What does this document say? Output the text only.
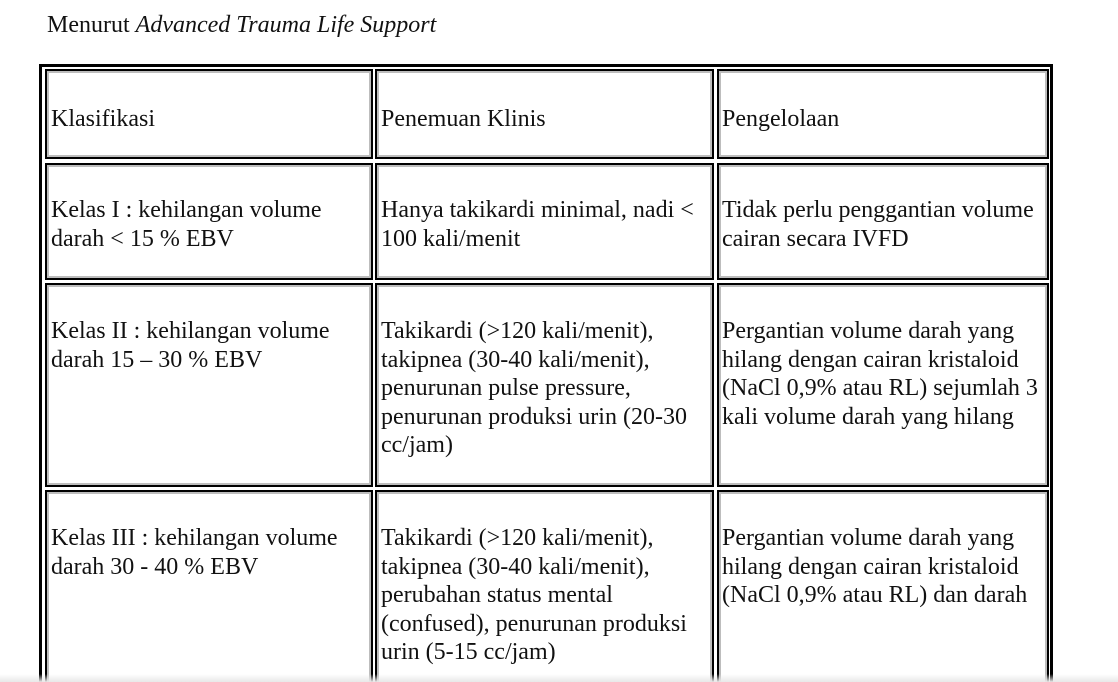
Menurut Advanced Trauma Life Support
Klasifikasi	Penemuan Klinis	Pengelolaan
Kelas I : kehilangan volume darah < 15 % EBV
Hanya takikardi minimal, nadi < 100 kali/menit
Tidak perlu penggantian volume cairan secara IVFD
Kelas II : kehilangan volume darah 15 – 30 % EBV
Takikardi (>120 kali/menit), takipnea (30-40 kali/menit), penurunan pulse pressure, penurunan produksi urin (20-30 cc/jam)
Pergantian volume darah yang hilang dengan cairan kristaloid (NaCl 0,9% atau RL) sejumlah 3 kali volume darah yang hilang
Kelas III : kehilangan volume darah 30 - 40 % EBV
Takikardi (>120 kali/menit), takipnea (30-40 kali/menit), perubahan status mental (confused), penurunan produksi urin (5-15 cc/jam)
Pergantian volume darah yang hilang dengan cairan kristaloid (NaCl 0,9% atau RL) dan darah
